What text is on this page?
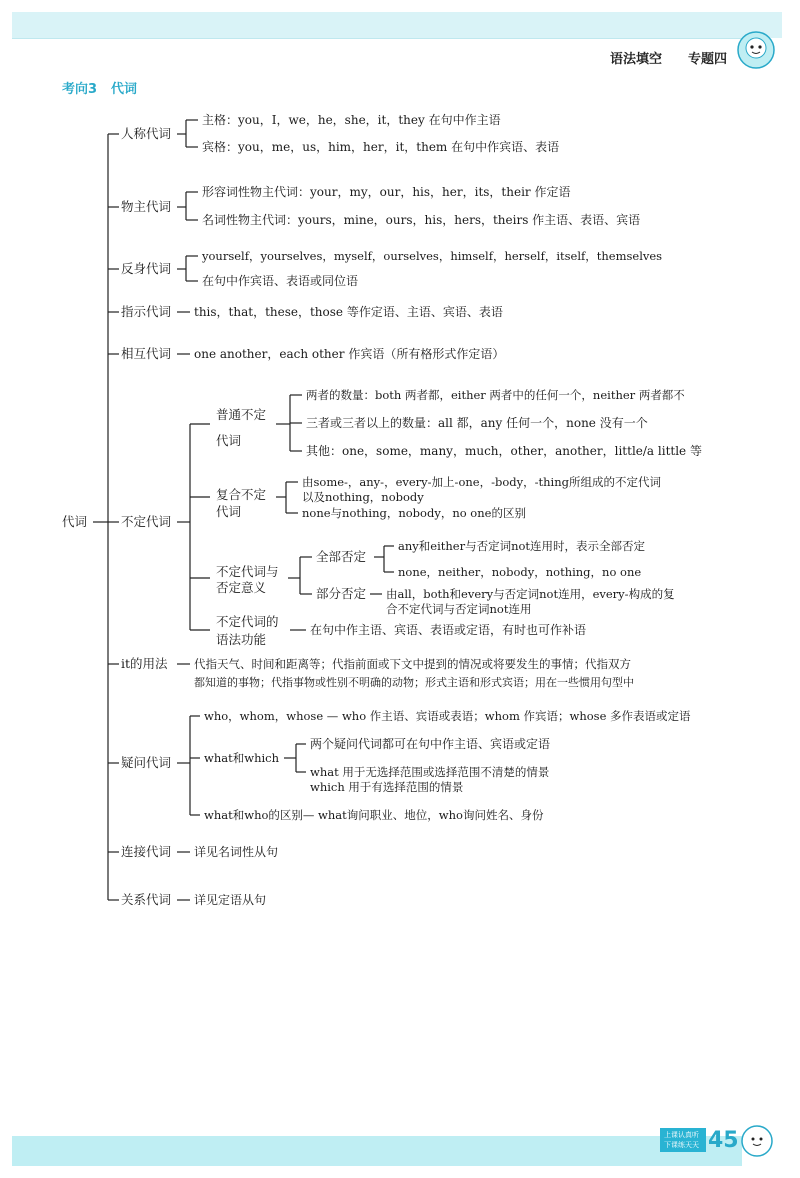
语法填空 专题四
考向3 代词
代词
人称代词
主格：you，I，we，he，she，it，they 在句中作主语
宾格：you，me，us，him，her，it，them 在句中作宾语、表语
物主代词
形容词性物主代词：your，my，our，his，her，its，their 作定语
名词性物主代词：yours，mine，ours，his，hers，theirs 作主语、表语、宾语
反身代词
yourself，yourselves，myself，ourselves，himself，herself，itself，themselves
在句中作宾语、表语或同位语
指示代词 this，that，these，those 等作定语、主语、宾语、表语
相互代词 one another，each other 作宾语（所有格形式作定语）
不定代词
普通不定
代词
两者的数量：both 两者都，either 两者中的任何一个，neither 两者都不
三者或三者以上的数量：all 都，any 任何一个，none 没有一个
其他：one，some，many，much，other，another，little/a little 等
复合不定
代词
由some-，any-，every-加上-one，-body，-thing所组成的不定代词
以及nothing，nobody
none与nothing，nobody，no one的区别
不定代词与
否定意义
全部否定
any和either与否定词not连用时，表示全部否定
none，neither，nobody，nothing，no one
部分否定 由all，both和every与否定词not连用，every-构成的复
合不定代词与否定词not连用
不定代词的
语法功能
在句中作主语、宾语、表语或定语，有时也可作补语
it的用法 代指天气、时间和距离等；代指前面或下文中提到的情况或将要发生的事情；代指双方
都知道的事物；代指事物或性别不明确的动物；形式主语和形式宾语；用在一些惯用句型中
疑问代词
who，whom，whose — who 作主语、宾语或表语；whom 作宾语；whose 多作表语或定语
what和which
两个疑问代词都可在句中作主语、宾语或定语
what 用于无选择范围或选择范围不清楚的情景
which 用于有选择范围的情景
what和who的区别— what询问职业、地位，who询问姓名、身份
连接代词 详见名词性从句
关系代词 详见定语从句
上课认真听
下课练天天 45
